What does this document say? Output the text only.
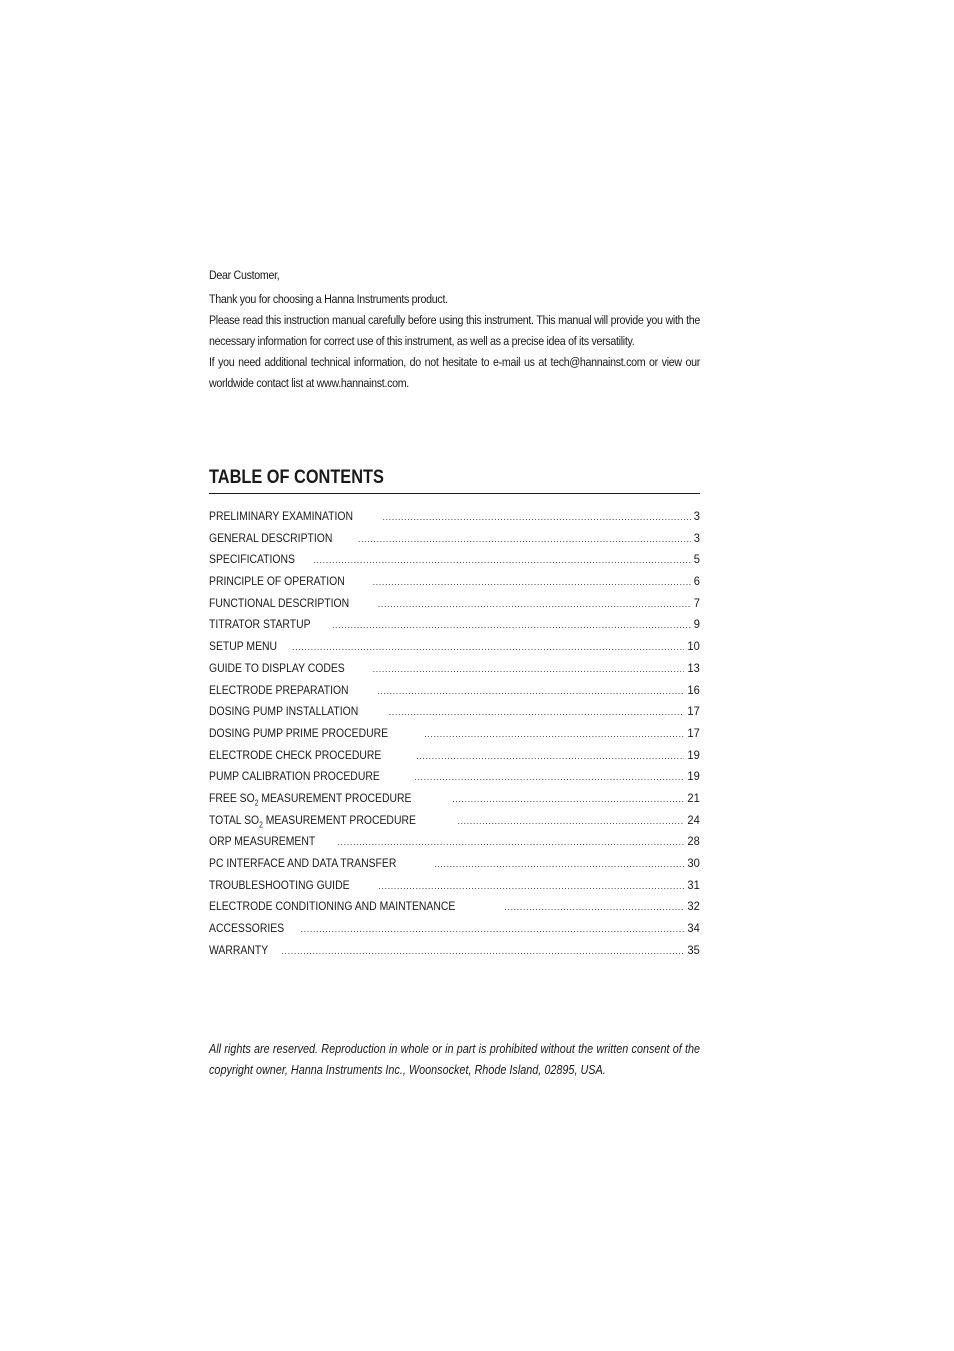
Dear Customer,

Thank you for choosing a Hanna Instruments product.

Please read this instruction manual carefully before using this instrument. This manual will provide you with the necessary information for correct use of this instrument, as well as a precise idea of its versatility.

If you need additional technical information, do not hesitate to e-mail us at tech@hannainst.com or view our worldwide contact list at www.hannainst.com.

TABLE OF CONTENTS
PRELIMINARY EXAMINATION .....	3
GENERAL DESCRIPTION .....	3
SPECIFICATIONS .....	5
PRINCIPLE OF OPERATION .....	6
FUNCTIONAL DESCRIPTION .....	7
TITRATOR STARTUP .....	9
SETUP MENU .....	10
GUIDE TO DISPLAY CODES .....	13
ELECTRODE PREPARATION .....	16
DOSING PUMP INSTALLATION .....	17
DOSING PUMP PRIME PROCEDURE .....	17
ELECTRODE CHECK PROCEDURE .....	19
PUMP CALIBRATION PROCEDURE .....	19
FREE $SO_2$ MEASUREMENT PROCEDURE .....	21
TOTAL $SO_2$ MEASUREMENT PROCEDURE .....	24
ORP MEASUREMENT .....	28
PC INTERFACE AND DATA TRANSFER .....	30
TROUBLESHOOTING GUIDE .....	31
ELECTRODE CONDITIONING AND MAINTENANCE .....	32
ACCESSORIES .....	34
WARRANTY .....	35

All rights are reserved. Reproduction in whole or in part is prohibited without the written consent of the copyright owner, Hanna Instruments Inc., Woonsocket, Rhode Island, 02895, USA.
